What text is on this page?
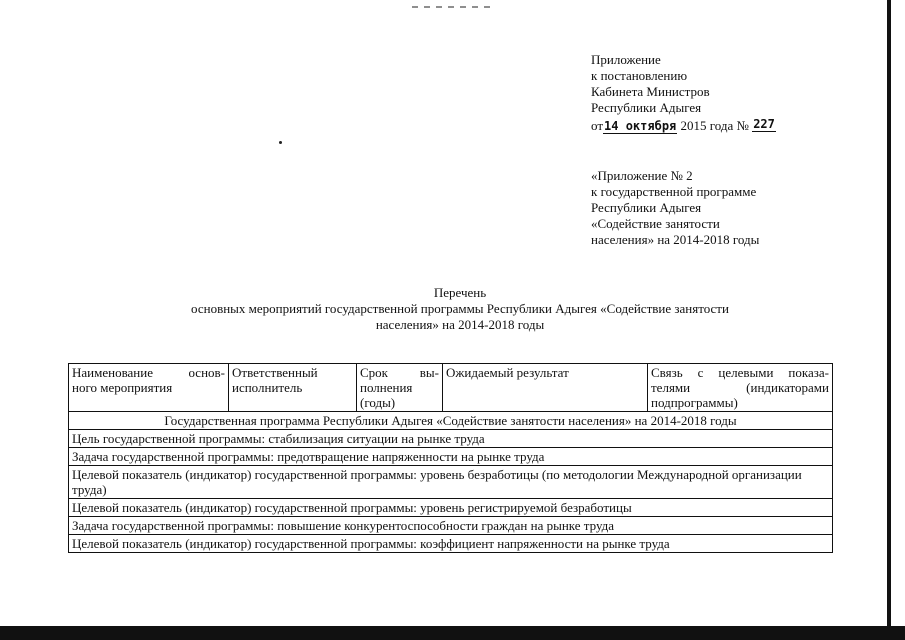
Приложение
к постановлению
Кабинета Министров
Республики Адыгея
от14 октября 2015 года № 227
«Приложение № 2
к государственной программе
Республики Адыгея
«Содействие занятости
населения» на 2014-2018 годы
Перечень
основных мероприятий государственной программы Республики Адыгея «Содействие занятости
населения» на 2014-2018 годы
Наименование основ-
ного мероприятия

Ответственный
исполнитель

Срок вы-
полнения
(годы)

Ожидаемый результат	Связь с целевыми показа-
телями (индикаторами
подпрограммы)

Государственная программа Республики Адыгея «Содействие занятости населения» на 2014-2018 годы
Цель государственной программы: стабилизация ситуации на рынке труда
Задача государственной программы: предотвращение напряженности на рынке труда
Целевой показатель (индикатор) государственной программы: уровень безработицы (по методологии Международной организации труда)
Целевой показатель (индикатор) государственной программы: уровень регистрируемой безработицы
Задача государственной программы: повышение конкурентоспособности граждан на рынке труда
Целевой показатель (индикатор) государственной программы: коэффициент напряженности на рынке труда
